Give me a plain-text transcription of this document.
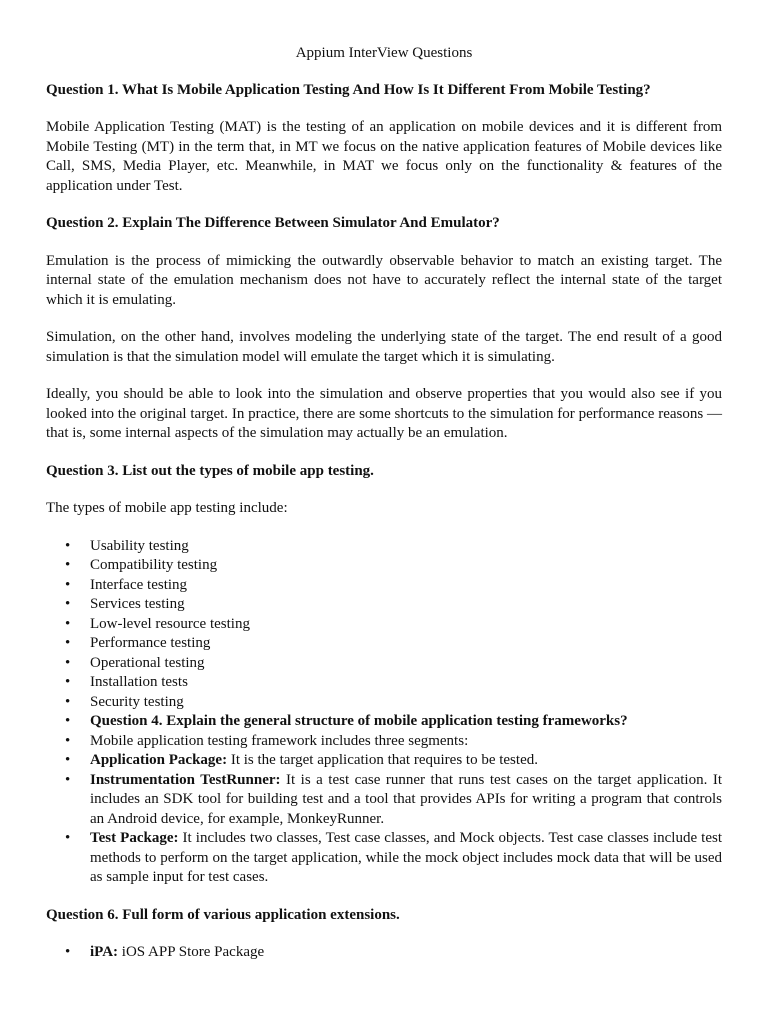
Appium InterView Questions
Question 1. What Is Mobile Application Testing And How Is It Different From Mobile Testing?

Mobile Application Testing (MAT) is the testing of an application on mobile devices and it is different from Mobile Testing (MT) in the term that, in MT we focus on the native application features of Mobile devices like Call, SMS, Media Player, etc. Meanwhile, in MAT we focus only on the functionality & features of the application under Test.

Question 2. Explain The Difference Between Simulator And Emulator?

Emulation is the process of mimicking the outwardly observable behavior to match an existing target. The internal state of the emulation mechanism does not have to accurately reflect the internal state of the target which it is emulating.

Simulation, on the other hand, involves modeling the underlying state of the target. The end result of a good simulation is that the simulation model will emulate the target which it is simulating.

Ideally, you should be able to look into the simulation and observe properties that you would also see if you looked into the original target. In practice, there are some shortcuts to the simulation for performance reasons — that is, some internal aspects of the simulation may actually be an emulation.

Question 3. List out the types of mobile app testing.

The types of mobile app testing include:

• Usability testing
• Compatibility testing
• Interface testing
• Services testing
• Low-level resource testing
• Performance testing
• Operational testing
• Installation tests
• Security testing
• Question 4. Explain the general structure of mobile application testing frameworks?
• Mobile application testing framework includes three segments:
• Application Package: It is the target application that requires to be tested.
• Instrumentation TestRunner: It is a test case runner that runs test cases on the target application. It includes an SDK tool for building test and a tool that provides APIs for writing a program that controls an Android device, for example, MonkeyRunner.
• Test Package: It includes two classes, Test case classes, and Mock objects. Test case classes include test methods to perform on the target application, while the mock object includes mock data that will be used as sample input for test cases.
Question 6. Full form of various application extensions.
• iPA: iOS APP Store Package
